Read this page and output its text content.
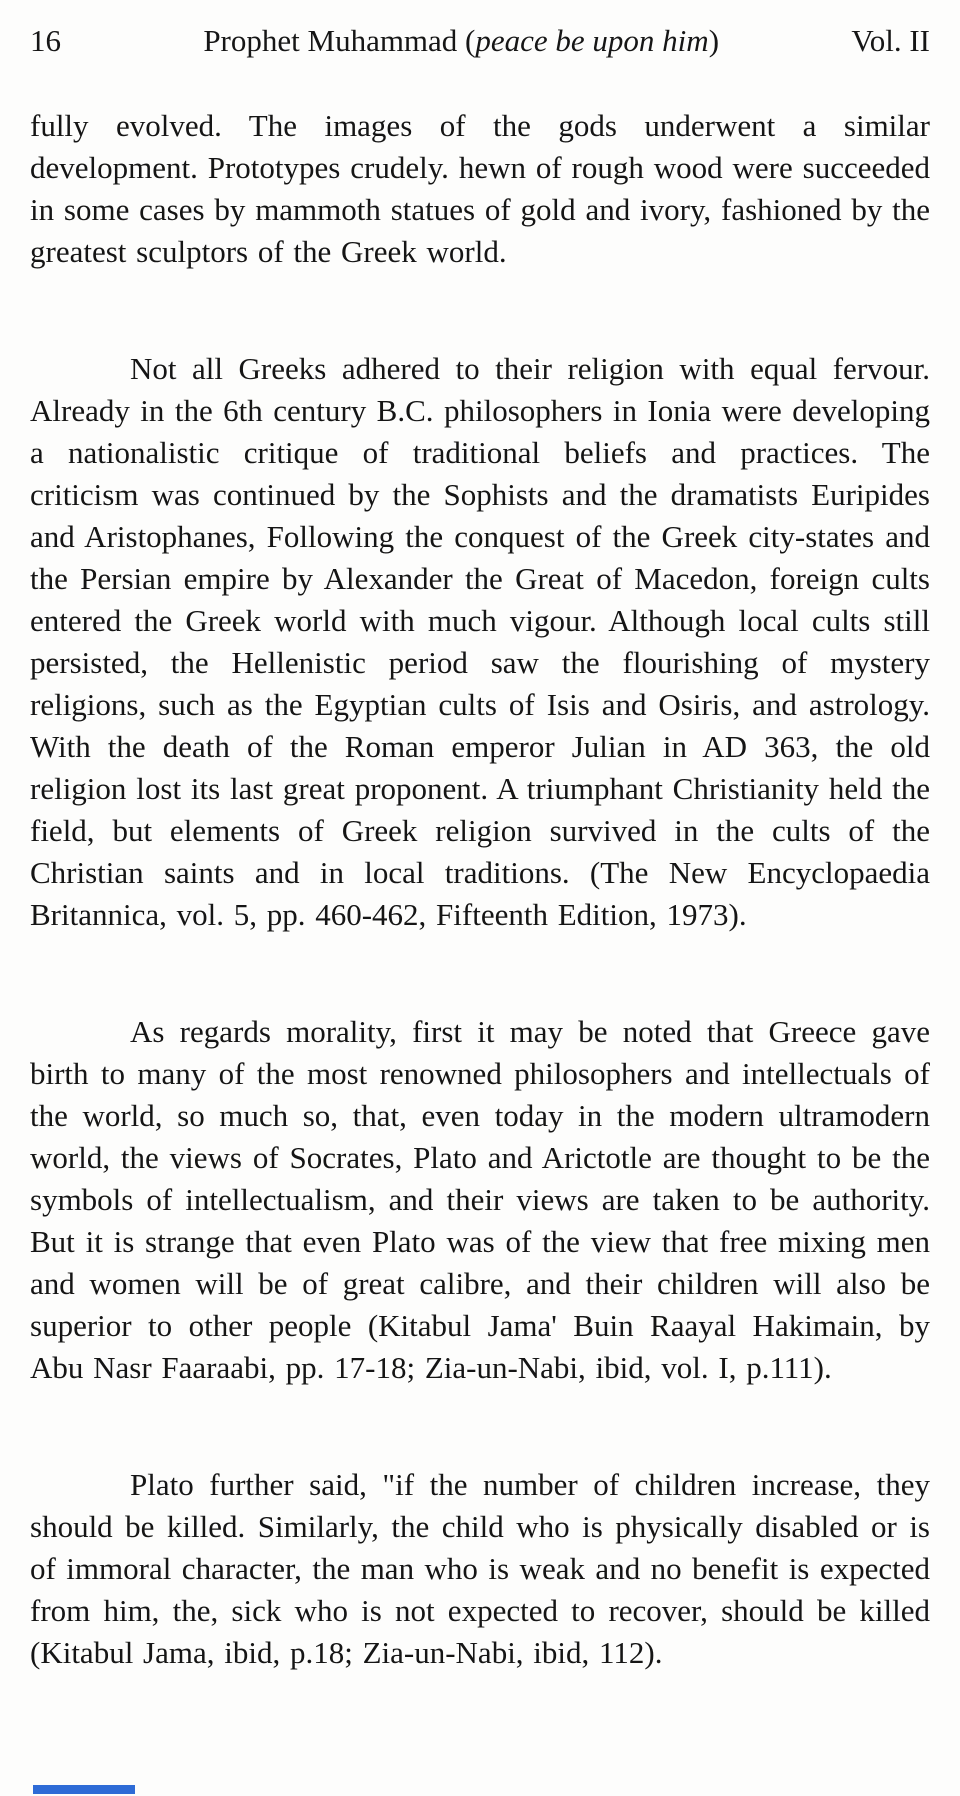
16	Prophet Muhammad (peace be upon him)	Vol. II

fully evolved. The images of the gods underwent a similar development. Prototypes crudely. hewn of rough wood were succeeded in some cases by mammoth statues of gold and ivory, fashioned by the greatest sculptors of the Greek world.

Not all Greeks adhered to their religion with equal fervour. Already in the 6th century B.C. philosophers in Ionia were developing a nationalistic critique of traditional beliefs and practices. The criticism was continued by the Sophists and the dramatists Euripides and Aristophanes, Following the conquest of the Greek city-states and the Persian empire by Alexander the Great of Macedon, foreign cults entered the Greek world with much vigour. Although local cults still persisted, the Hellenistic period saw the flourishing of mystery religions, such as the Egyptian cults of Isis and Osiris, and astrology. With the death of the Roman emperor Julian in AD 363, the old religion lost its last great proponent. A triumphant Christianity held the field, but elements of Greek religion survived in the cults of the Christian saints and in local traditions. (The New Encyclopaedia Britannica, vol. 5, pp. 460-462, Fifteenth Edition, 1973).

As regards morality, first it may be noted that Greece gave birth to many of the most renowned philosophers and intellectuals of the world, so much so, that, even today in the modern ultramodern world, the views of Socrates, Plato and Arictotle are thought to be the symbols of intellectualism, and their views are taken to be authority. But it is strange that even Plato was of the view that free mixing men and women will be of great calibre, and their children will also be superior to other people (Kitabul Jama' Buin Raayal Hakimain, by Abu Nasr Faaraabi, pp. 17-18; Zia-un-Nabi, ibid, vol. I, p.111).

Plato further said, "if the number of children increase, they should be killed. Similarly, the child who is physically disabled or is of immoral character, the man who is weak and no benefit is expected from him, the, sick who is not expected to recover, should be killed (Kitabul Jama, ibid, p.18; Zia-un-Nabi, ibid, 112).
